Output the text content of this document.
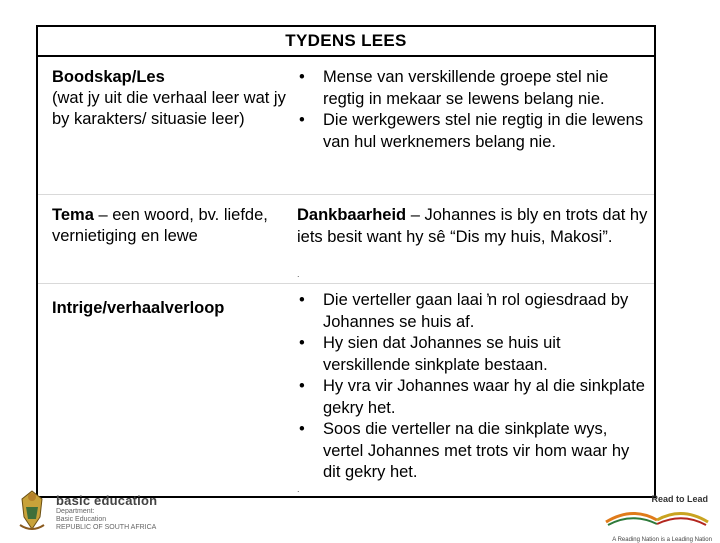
TYDENS LEES
Boodskap/Les
(wat jy uit die verhaal leer wat jy by karakters/ situasie leer)
• Mense van verskillende groepe stel nie regtig in mekaar se lewens belang nie.
• Die werkgewers stel nie regtig in die lewens van hul werknemers belang nie.
Tema – een woord, bv. liefde, vernietiging en lewe
Dankbaarheid – Johannes is bly en trots dat hy iets besit want hy sê “Dis my huis, Makosi”.
.
Intrige/verhaalverloop	• Die verteller gaan laai ŉ rol ogiesdraad by Johannes se huis af.
• Hy sien dat Johannes se huis uit verskillende sinkplate bestaan.
• Hy vra vir Johannes waar hy al die sinkplate gekry het.
• Soos die verteller na die sinkplate wys, vertel Johannes met trots vir hom waar hy dit gekry het.
.
basic education
Department:
Basic Education
REPUBLIC OF SOUTH AFRICA
Read to Lead
A Reading Nation is a Leading Nation
